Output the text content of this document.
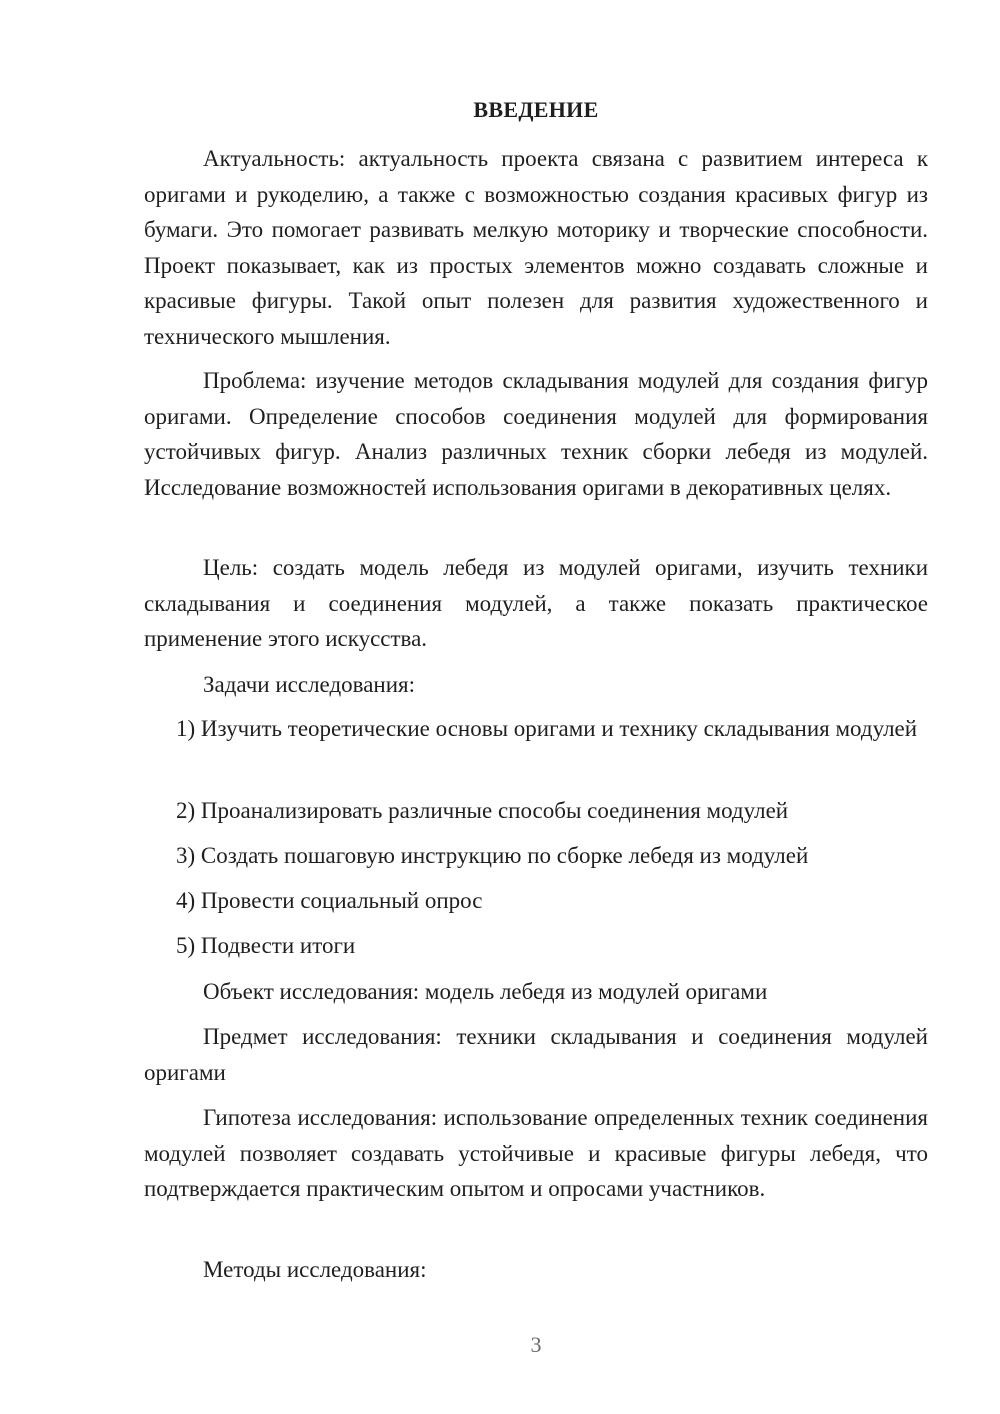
ВВЕДЕНИЕ

Актуальность: актуальность проекта связана с развитием интереса к оригами и рукоделию, а также с возможностью создания красивых фигур из бумаги. Это помогает развивать мелкую моторику и творческие способности. Проект показывает, как из простых элементов можно создавать сложные и красивые фигуры. Такой опыт полезен для развития художественного и технического мышления.

Проблема: изучение методов складывания модулей для создания фигур оригами. Определение способов соединения модулей для формирования устойчивых фигур. Анализ различных техник сборки лебедя из модулей. Исследование возможностей использования оригами в декоративных целях.

Цель: создать модель лебедя из модулей оригами, изучить техники складывания и соединения модулей, а также показать практическое применение этого искусства.

Задачи исследования:

1) Изучить теоретические основы оригами и технику складывания модулей

2) Проанализировать различные способы соединения модулей

3) Создать пошаговую инструкцию по сборке лебедя из модулей

4) Провести социальный опрос

5) Подвести итоги

Объект исследования: модель лебедя из модулей оригами

Предмет исследования: техники складывания и соединения модулей оригами

Гипотеза исследования: использование определенных техник соединения модулей позволяет создавать устойчивые и красивые фигуры лебедя, что подтверждается практическим опытом и опросами участников.

Методы исследования:

3
